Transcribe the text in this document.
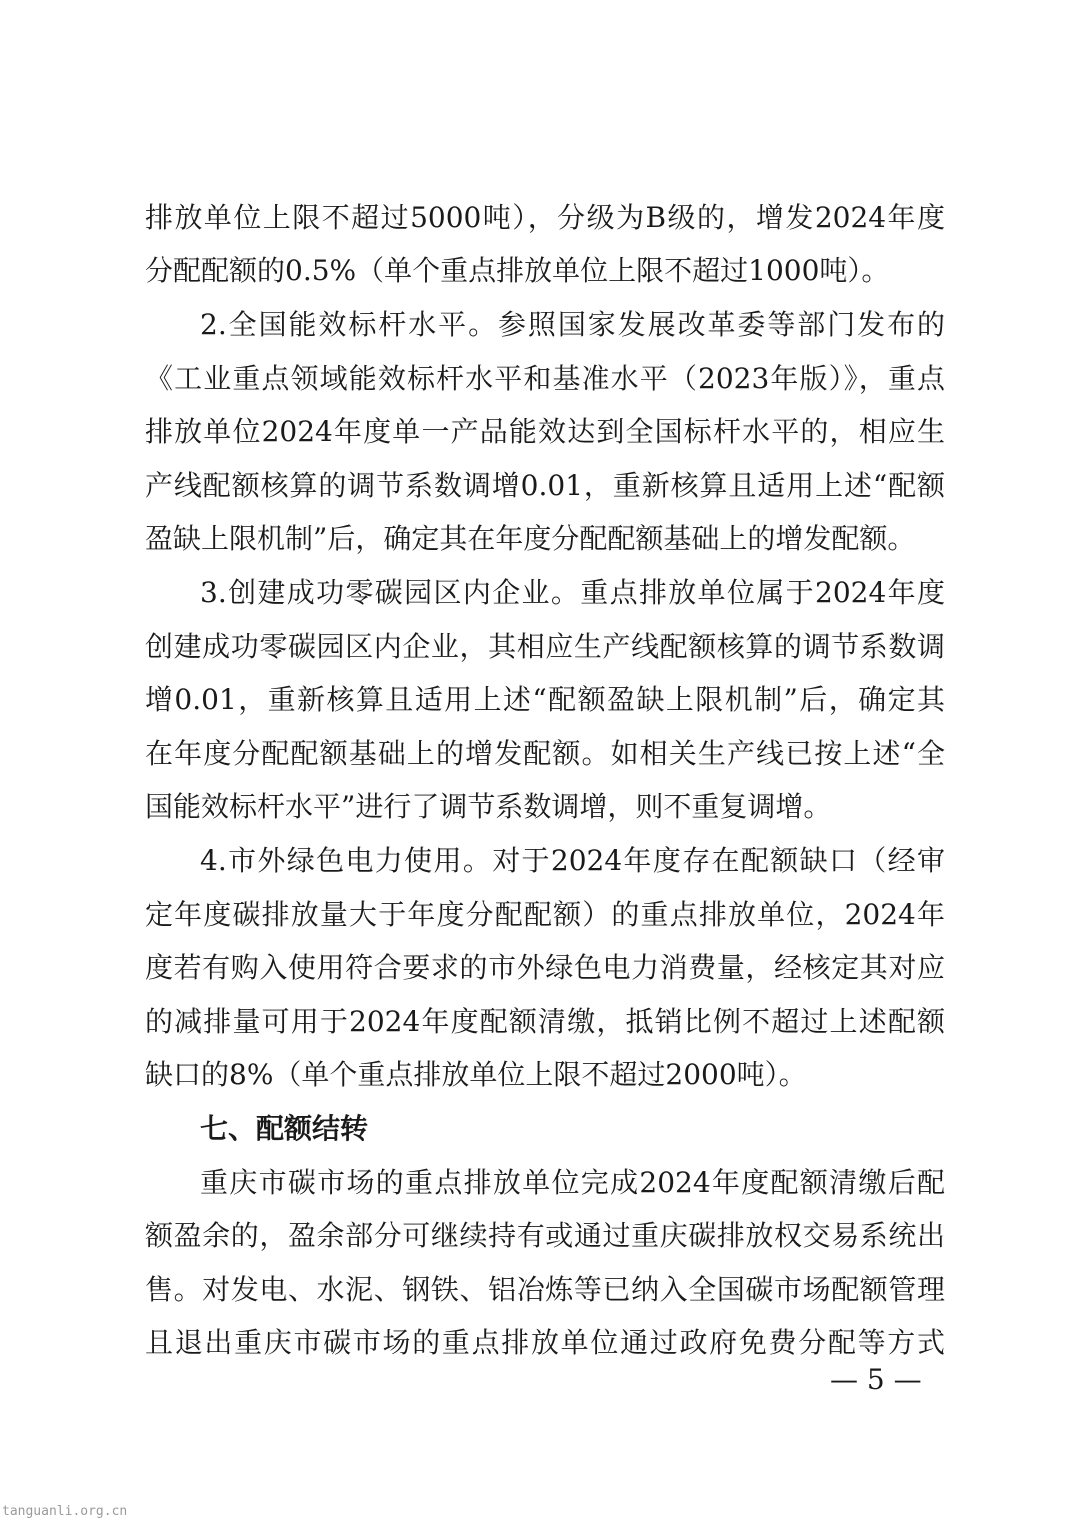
排放单位上限不超过5000吨），分级为B级的，增发2024年度
分配配额的0.5%（单个重点排放单位上限不超过1000吨）。
2.全国能效标杆水平。参照国家发展改革委等部门发布的
《工业重点领域能效标杆水平和基准水平（2023年版）》，重点
排放单位2024年度单一产品能效达到全国标杆水平的，相应生
产线配额核算的调节系数调增0.01，重新核算且适用上述“配额
盈缺上限机制”后，确定其在年度分配配额基础上的增发配额。
3.创建成功零碳园区内企业。重点排放单位属于2024年度
创建成功零碳园区内企业，其相应生产线配额核算的调节系数调
增0.01，重新核算且适用上述“配额盈缺上限机制”后，确定其
在年度分配配额基础上的增发配额。如相关生产线已按上述“全
国能效标杆水平”进行了调节系数调增，则不重复调增。
4.市外绿色电力使用。对于2024年度存在配额缺口（经审
定年度碳排放量大于年度分配配额）的重点排放单位，2024年
度若有购入使用符合要求的市外绿色电力消费量，经核定其对应
的减排量可用于2024年度配额清缴，抵销比例不超过上述配额
缺口的8%（单个重点排放单位上限不超过2000吨）。
七、配额结转
重庆市碳市场的重点排放单位完成2024年度配额清缴后配
额盈余的，盈余部分可继续持有或通过重庆碳排放权交易系统出
售。对发电、水泥、钢铁、铝冶炼等已纳入全国碳市场配额管理
且退出重庆市碳市场的重点排放单位通过政府免费分配等方式
— 5 —
tanguanli.org.cn
